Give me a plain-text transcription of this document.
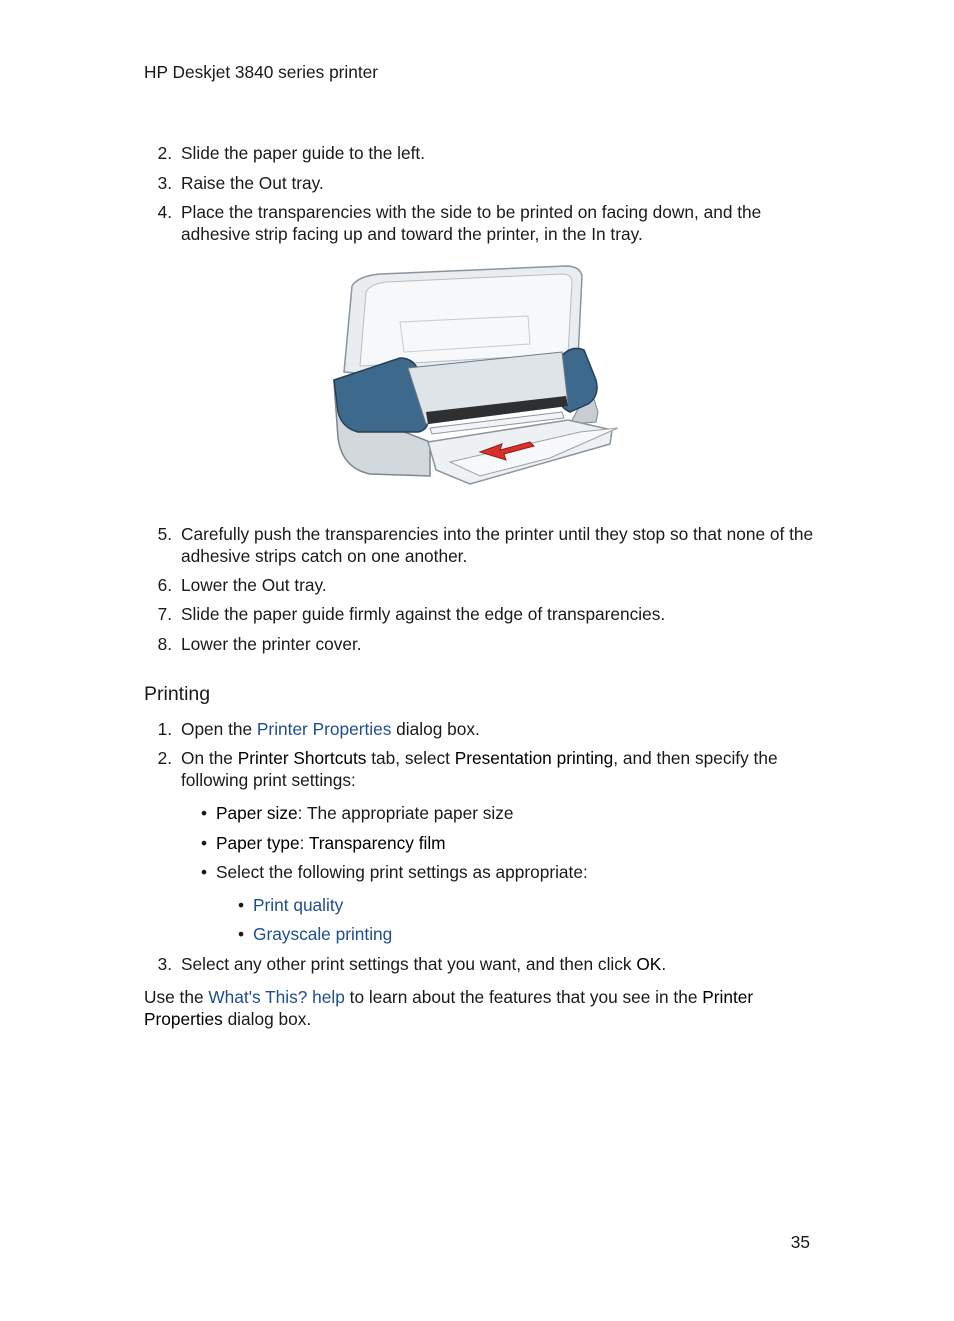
HP Deskjet 3840 series printer
2. Slide the paper guide to the left.
3. Raise the Out tray.
4. Place the transparencies with the side to be printed on facing down, and the adhesive strip facing up and toward the printer, in the In tray.
5. Carefully push the transparencies into the printer until they stop so that none of the adhesive strips catch on one another.
6. Lower the Out tray.
7. Slide the paper guide firmly against the edge of transparencies.
8. Lower the printer cover.
Printing
1. Open the Printer Properties dialog box.
2. On the Printer Shortcuts tab, select Presentation printing, and then specify the following print settings:
• Paper size: The appropriate paper size
• Paper type: Transparency film
• Select the following print settings as appropriate:
• Print quality
• Grayscale printing
3. Select any other print settings that you want, and then click OK.
Use the What's This? help to learn about the features that you see in the Printer Properties dialog box.
35
